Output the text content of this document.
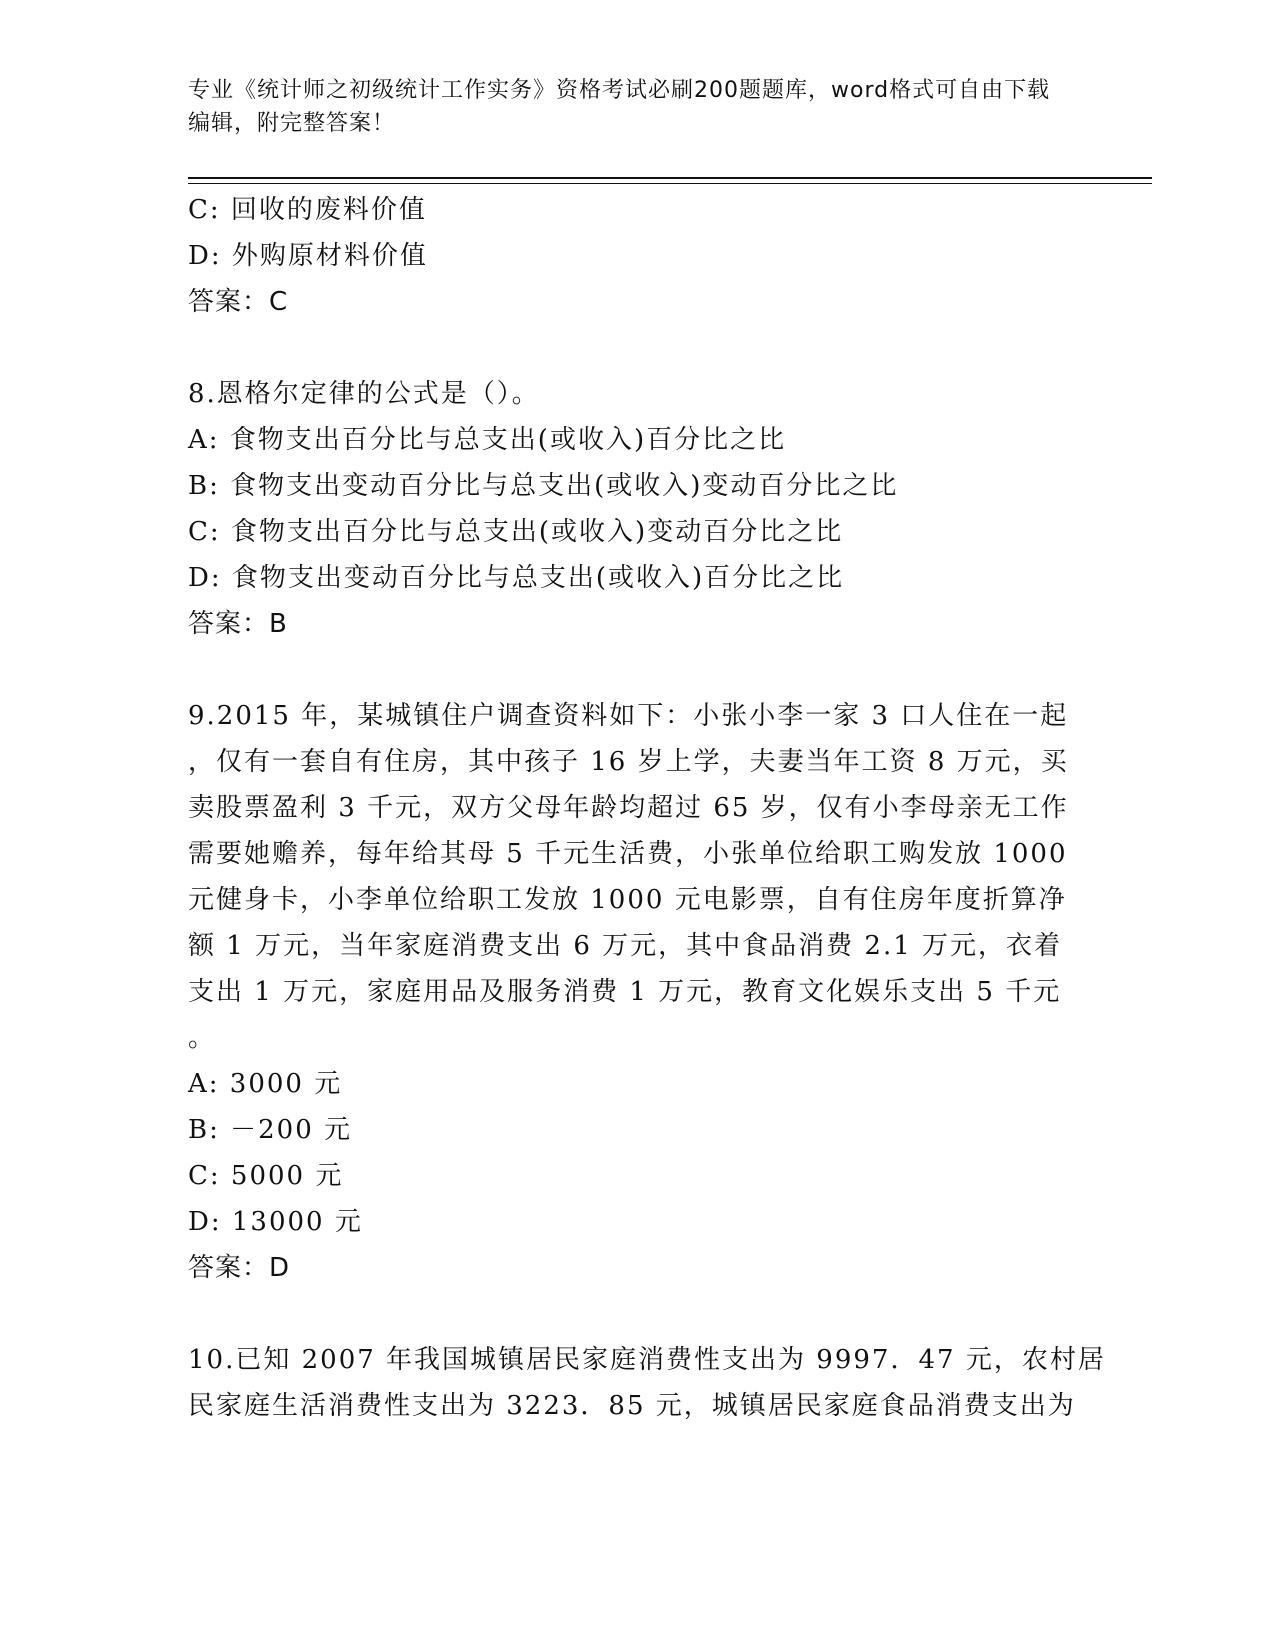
专业《统计师之初级统计工作实务》资格考试必刷200题题库，word格式可自由下载编辑，附完整答案！
C: 回收的废料价值
D: 外购原材料价值
答案：C
8.恩格尔定律的公式是（）。
A: 食物支出百分比与总支出(或收入)百分比之比
B: 食物支出变动百分比与总支出(或收入)变动百分比之比
C: 食物支出百分比与总支出(或收入)变动百分比之比
D: 食物支出变动百分比与总支出(或收入)百分比之比
答案：B
9.2015 年，某城镇住户调查资料如下：小张小李一家 3 口人住在一起
，仅有一套自有住房，其中孩子 16 岁上学，夫妻当年工资 8 万元，买
卖股票盈利 3 千元，双方父母年龄均超过 65 岁，仅有小李母亲无工作
需要她赡养，每年给其母 5 千元生活费，小张单位给职工购发放 1000
元健身卡，小李单位给职工发放 1000 元电影票，自有住房年度折算净
额 1 万元，当年家庭消费支出 6 万元，其中食品消费 2.1 万元，衣着
支出 1 万元，家庭用品及服务消费 1 万元，教育文化娱乐支出 5 千元
。
A: 3000 元
B: －200 元
C: 5000 元
D: 13000 元
答案：D
10.已知 2007 年我国城镇居民家庭消费性支出为 9997．47 元，农村居
民家庭生活消费性支出为 3223．85 元，城镇居民家庭食品消费支出为
